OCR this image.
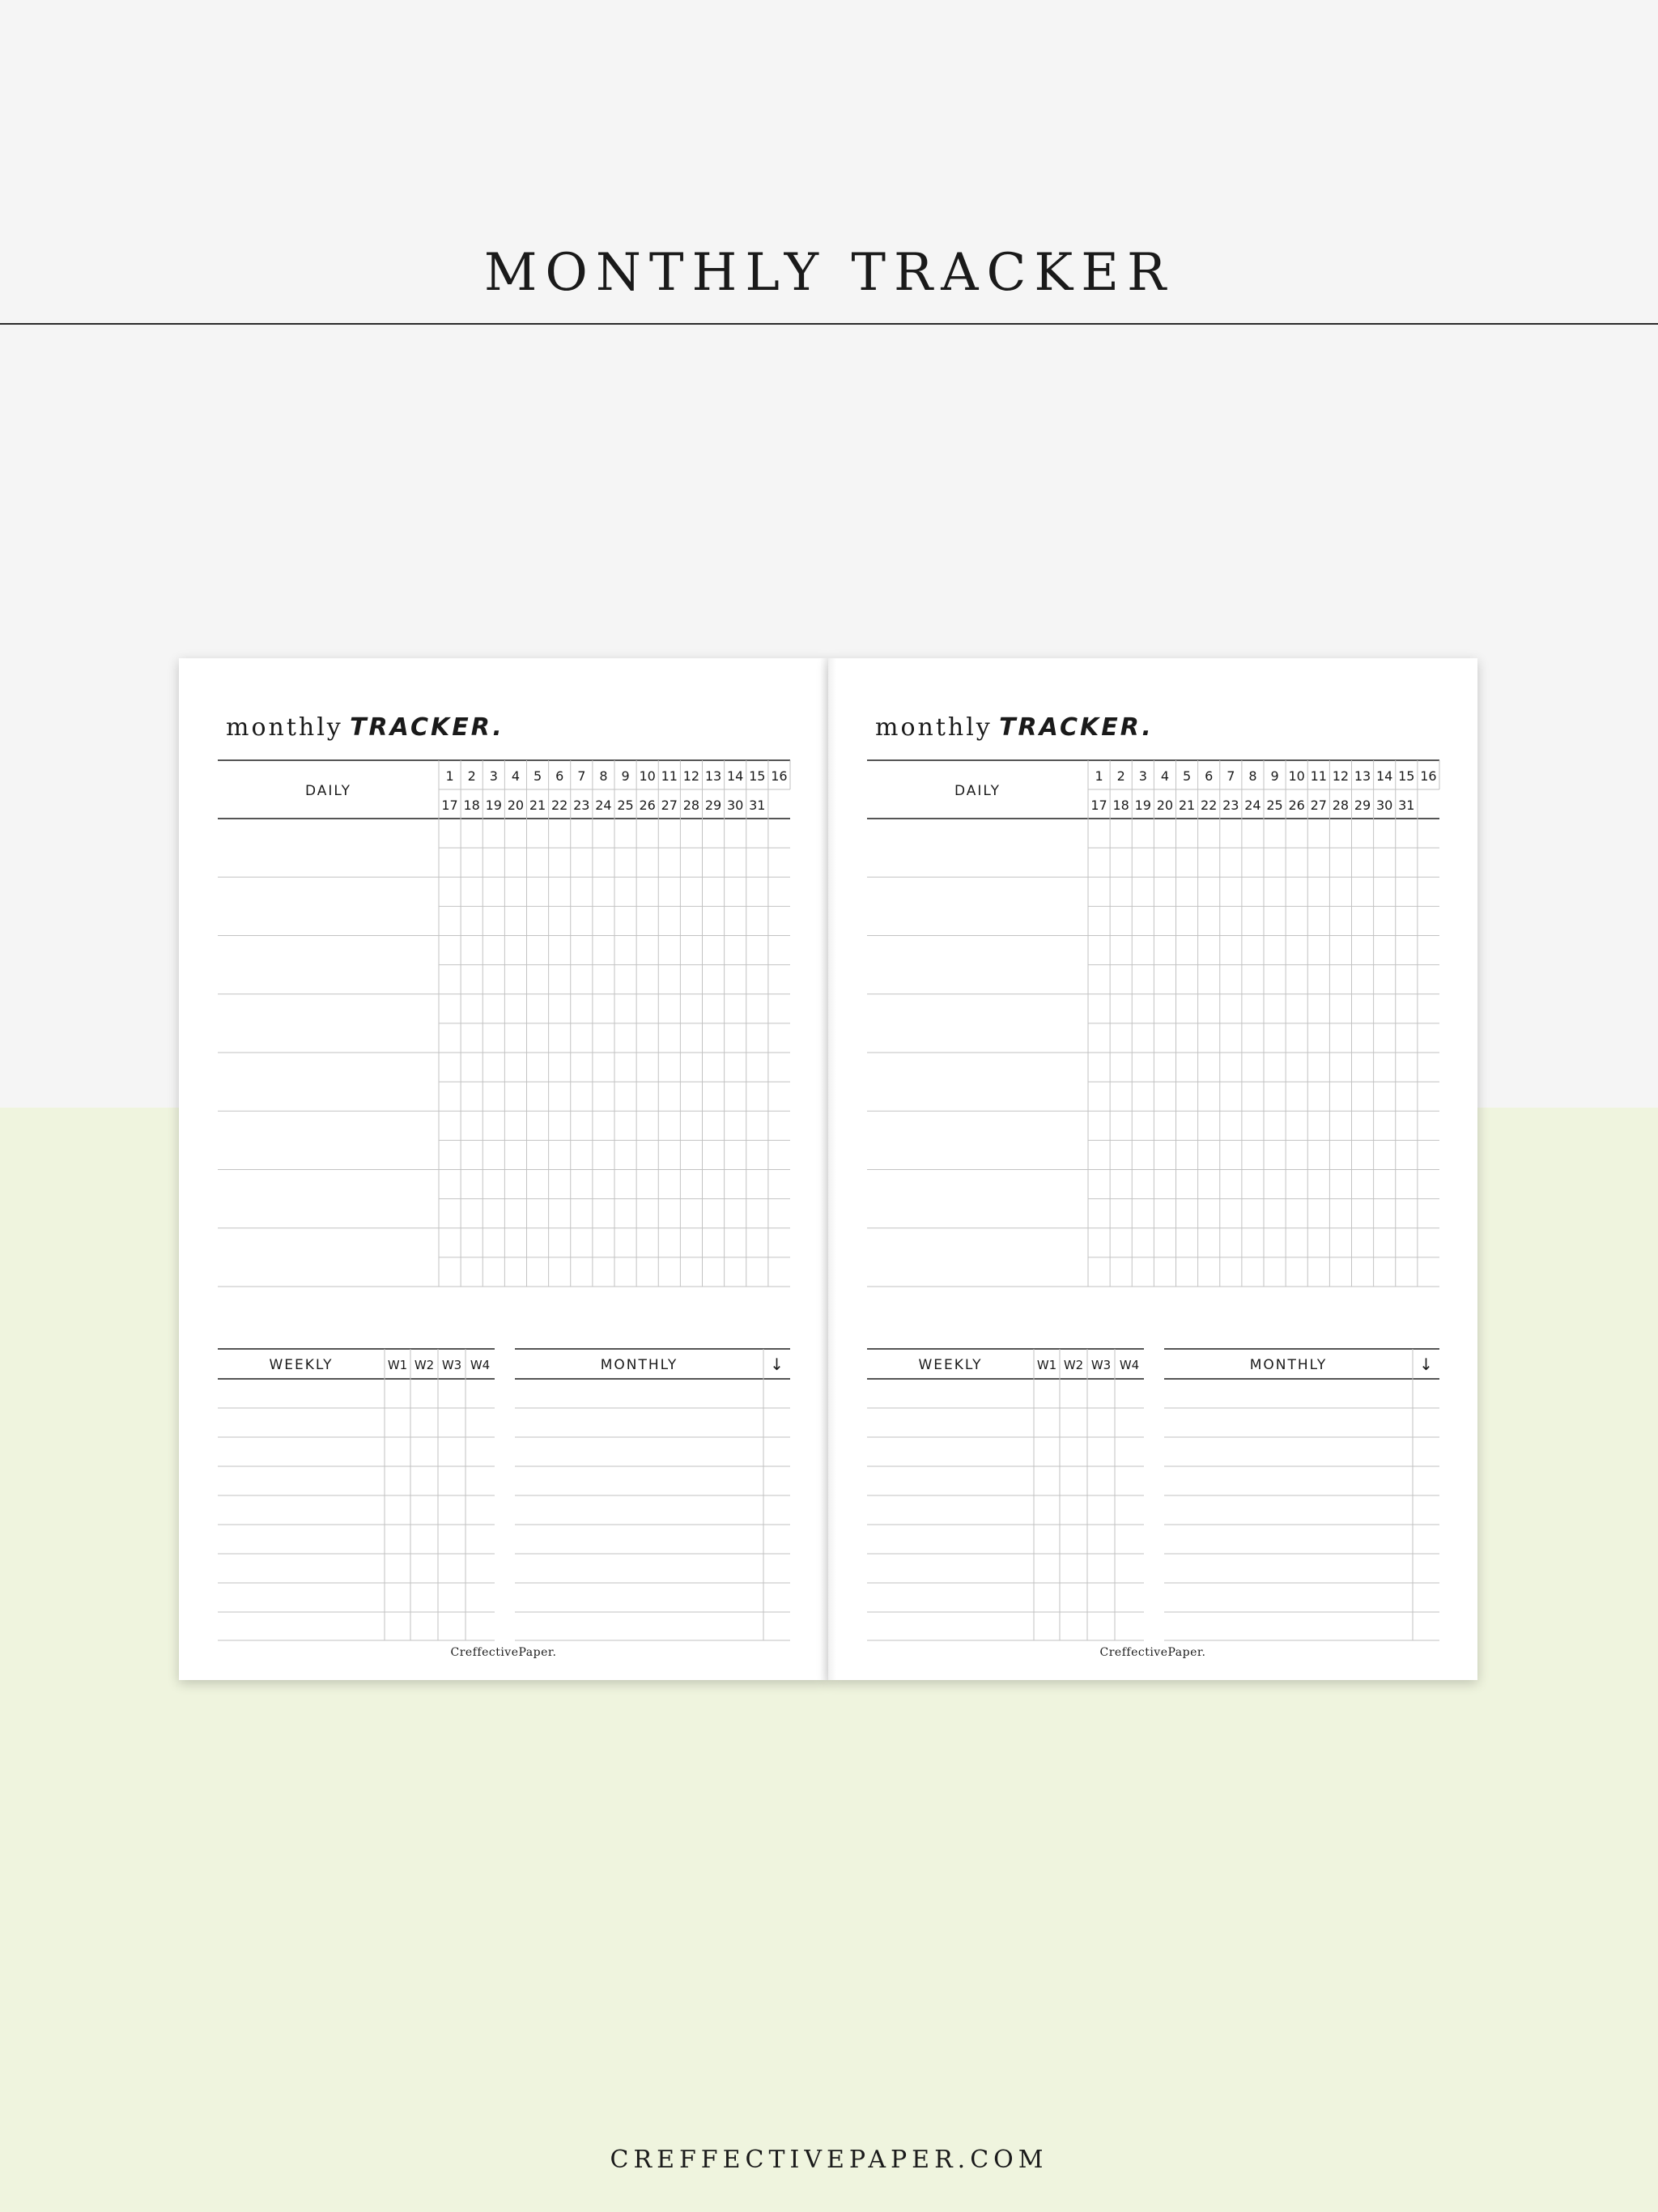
MONTHLY TRACKER
monthly TRACKER.
DAILY
1 2 3 4 5 6 7 8 9 10 11 12 13 14 15 16
17 18 19 20 21 22 23 24 25 26 27 28 29 30 31
WEEKLY	W1 W2 W3 W4	MONTHLY	↓
CreffectivePaper.
monthly TRACKER.
DAILY
1 2 3 4 5 6 7 8 9 10 11 12 13 14 15 16
17 18 19 20 21 22 23 24 25 26 27 28 29 30 31
WEEKLY	W1 W2 W3 W4	MONTHLY	↓
CreffectivePaper.
CREFFECTIVEPAPER.COM
